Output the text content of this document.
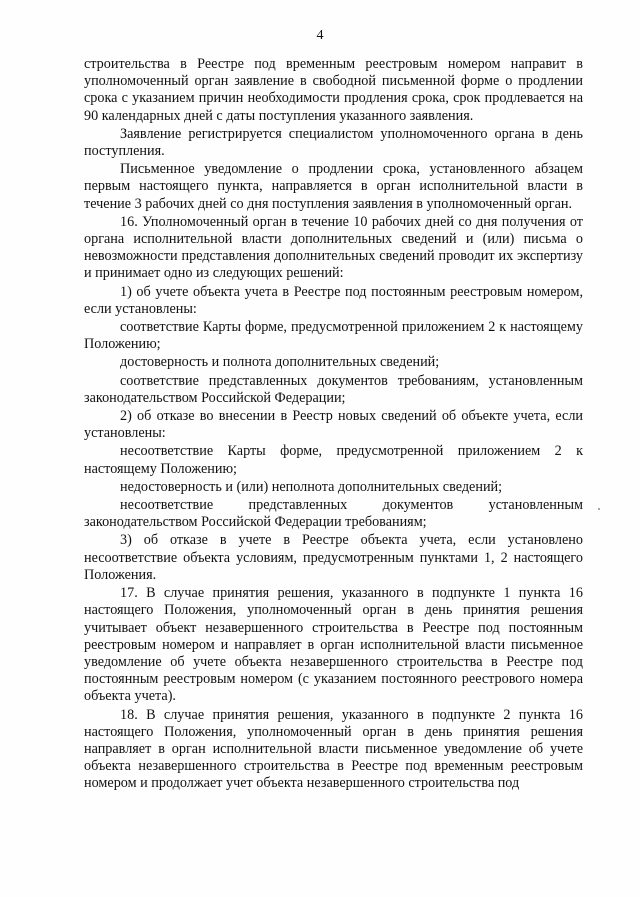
4

строительства в Реестре под временным реестровым номером направит в уполномоченный орган заявление в свободной письменной форме о продлении срока с указанием причин необходимости продления срока, срок продлевается на 90 календарных дней с даты поступления указанного заявления.

Заявление регистрируется специалистом уполномоченного органа в день поступления.

Письменное уведомление о продлении срока, установленного абзацем первым настоящего пункта, направляется в орган исполнительной власти в течение 3 рабочих дней со дня поступления заявления в уполномоченный орган.

16. Уполномоченный орган в течение 10 рабочих дней со дня получения от органа исполнительной власти дополнительных сведений и (или) письма о невозможности представления дополнительных сведений проводит их экспертизу и принимает одно из следующих решений:

1) об учете объекта учета в Реестре под постоянным реестровым номером, если установлены:

соответствие Карты форме, предусмотренной приложением 2 к настоящему Положению;

достоверность и полнота дополнительных сведений;

соответствие представленных документов требованиям, установленным законодательством Российской Федерации;

2) об отказе во внесении в Реестр новых сведений об объекте учета, если установлены:

несоответствие Карты форме, предусмотренной приложением 2 к настоящему Положению;

недостоверность и (или) неполнота дополнительных сведений;

несоответствие представленных документов установленным законодательством Российской Федерации требованиям;

3) об отказе в учете в Реестре объекта учета, если установлено несоответствие объекта условиям, предусмотренным пунктами 1, 2 настоящего Положения.

17. В случае принятия решения, указанного в подпункте 1 пункта 16 настоящего Положения, уполномоченный орган в день принятия решения учитывает объект незавершенного строительства в Реестре под постоянным реестровым номером и направляет в орган исполнительной власти письменное уведомление об учете объекта незавершенного строительства в Реестре под постоянным реестровым номером (с указанием постоянного реестрового номера объекта учета).

18. В случае принятия решения, указанного в подпункте 2 пункта 16 настоящего Положения, уполномоченный орган в день принятия решения направляет в орган исполнительной власти письменное уведомление об учете объекта незавершенного строительства в Реестре под временным реестровым номером и продолжает учет объекта незавершенного строительства под
